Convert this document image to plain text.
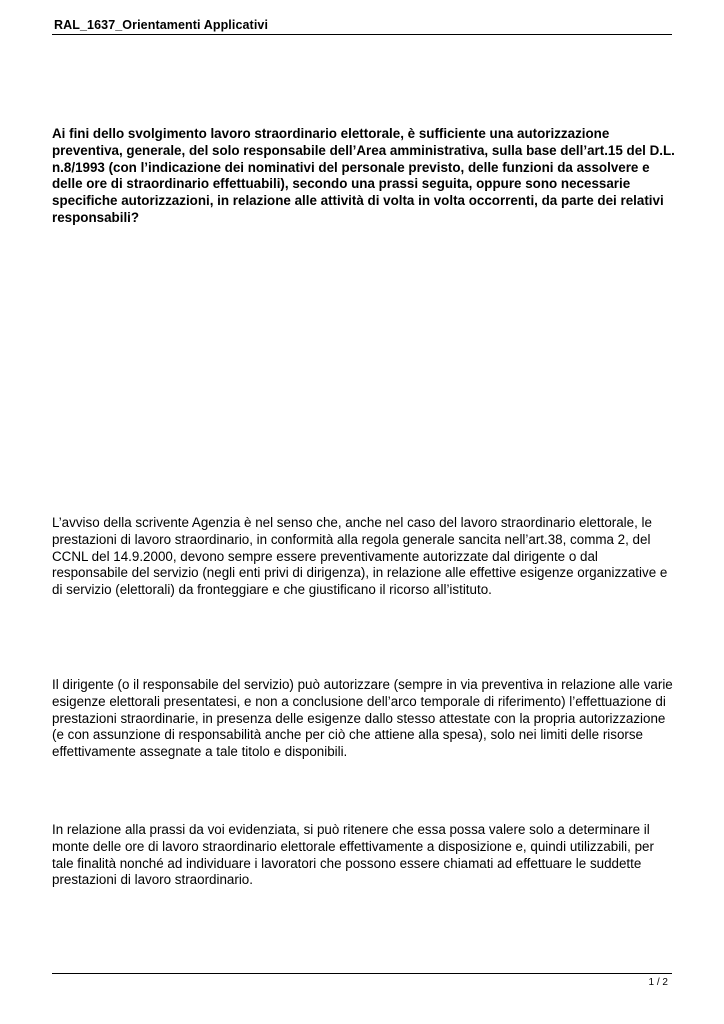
RAL_1637_Orientamenti Applicativi

Ai fini dello svolgimento lavoro straordinario elettorale, è sufficiente una autorizzazione preventiva, generale, del solo responsabile dell’Area amministrativa, sulla base dell’art.15 del D.L. n.8/1993 (con l’indicazione dei nominativi del personale previsto, delle funzioni da assolvere e delle ore di straordinario effettuabili), secondo una prassi seguita, oppure sono necessarie specifiche autorizzazioni, in relazione alle attività di volta in volta occorrenti, da parte dei relativi responsabili?

L’avviso della scrivente Agenzia è nel senso che, anche nel caso del lavoro straordinario elettorale, le prestazioni di lavoro straordinario, in conformità alla regola generale sancita nell’art.38, comma 2, del CCNL del 14.9.2000, devono sempre essere preventivamente autorizzate dal dirigente o dal responsabile del servizio (negli enti privi di dirigenza), in relazione alle effettive esigenze organizzative e di servizio (elettorali) da fronteggiare e che giustificano il ricorso all’istituto.

Il dirigente (o il responsabile del servizio) può autorizzare (sempre in via preventiva in relazione alle varie esigenze elettorali presentatesi, e non a conclusione dell’arco temporale di riferimento) l’effettuazione di prestazioni straordinarie, in presenza delle esigenze dallo stesso attestate con la propria autorizzazione (e con assunzione di responsabilità anche per ciò che attiene alla spesa), solo nei limiti delle risorse effettivamente assegnate a tale titolo e disponibili.

In relazione alla prassi da voi evidenziata, si può ritenere che essa possa valere solo a determinare il monte delle ore di lavoro straordinario elettorale effettivamente a disposizione e, quindi utilizzabili, per tale finalità nonché ad individuare i lavoratori che possono essere chiamati ad effettuare le suddette prestazioni di lavoro straordinario.

1 / 2
